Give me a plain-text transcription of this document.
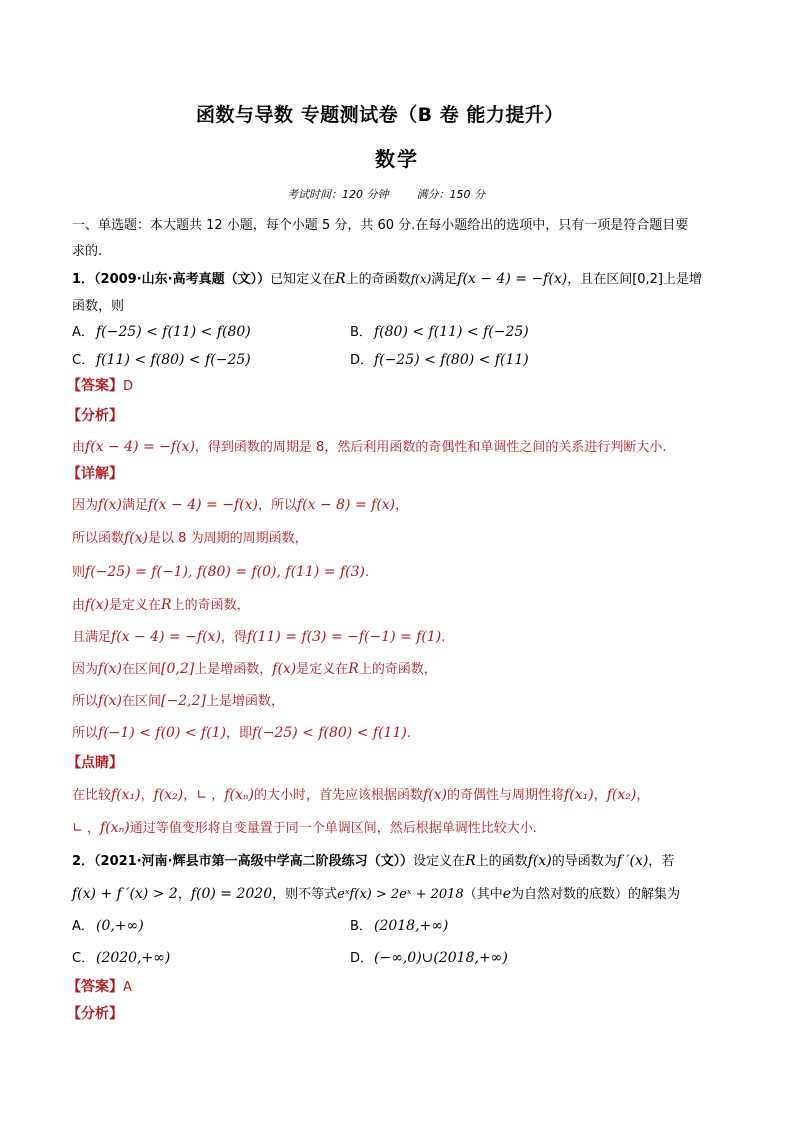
函数与导数 专题测试卷（B 卷 能力提升）
数学
考试时间：120 分钟	满分：150 分
一、单选题：本大题共 12 小题，每个小题 5 分，共 60 分.在每小题给出的选项中，只有一项是符合题目要
求的.
1．（2009·山东·高考真题（文））已知定义在R上的奇函数f(x)满足f(x − 4) = −f(x)，且在区间[0,2]上是增
函数，则
A． f(−25) < f(11) < f(80)	B． f(80) < f(11) < f(−25)
C． f(11) < f(80) < f(−25)	D．f(−25) < f(80) < f(11)
【答案】D
【分析】
由f(x − 4) = −f(x)，得到函数的周期是 8，然后利用函数的奇偶性和单调性之间的关系进行判断大小.
【详解】
因为f(x)满足f(x − 4) = −f(x)，所以f(x − 8) = f(x)，
所以函数f(x)是以 8 为周期的周期函数，
则f(−25) = f(−1), f(80) = f(0), f(11) = f(3).
由f(x)是定义在R上的奇函数，
且满足f(x − 4) = −f(x)，得f(11) = f(3) = −f(−1) = f(1).
因为f(x)在区间[0,2]上是增函数，f(x)是定义在R上的奇函数，
所以f(x)在区间[−2,2]上是增函数，
所以f(−1) < f(0) < f(1)，即f(−25) < f(80) < f(11).
【点睛】
在比较f(x₁)，f(x₂)，∟ ，f(xₙ)的大小时，首先应该根据函数f(x)的奇偶性与周期性将f(x₁)，f(x₂)，
∟ ，f(xₙ)通过等值变形将自变量置于同一个单调区间，然后根据单调性比较大小.
2．（2021·河南·辉县市第一高级中学高二阶段练习（文））设定义在R上的函数f(x)的导函数为f ′(x)，若
f(x) + f ′(x) > 2，f(0) = 2020，则不等式eˣf(x) > 2eˣ + 2018（其中e为自然对数的底数）的解集为
A． (0,+∞)	B． (2018,+∞)
C． (2020,+∞)	D．(−∞,0)∪(2018,+∞)
【答案】A
【分析】
